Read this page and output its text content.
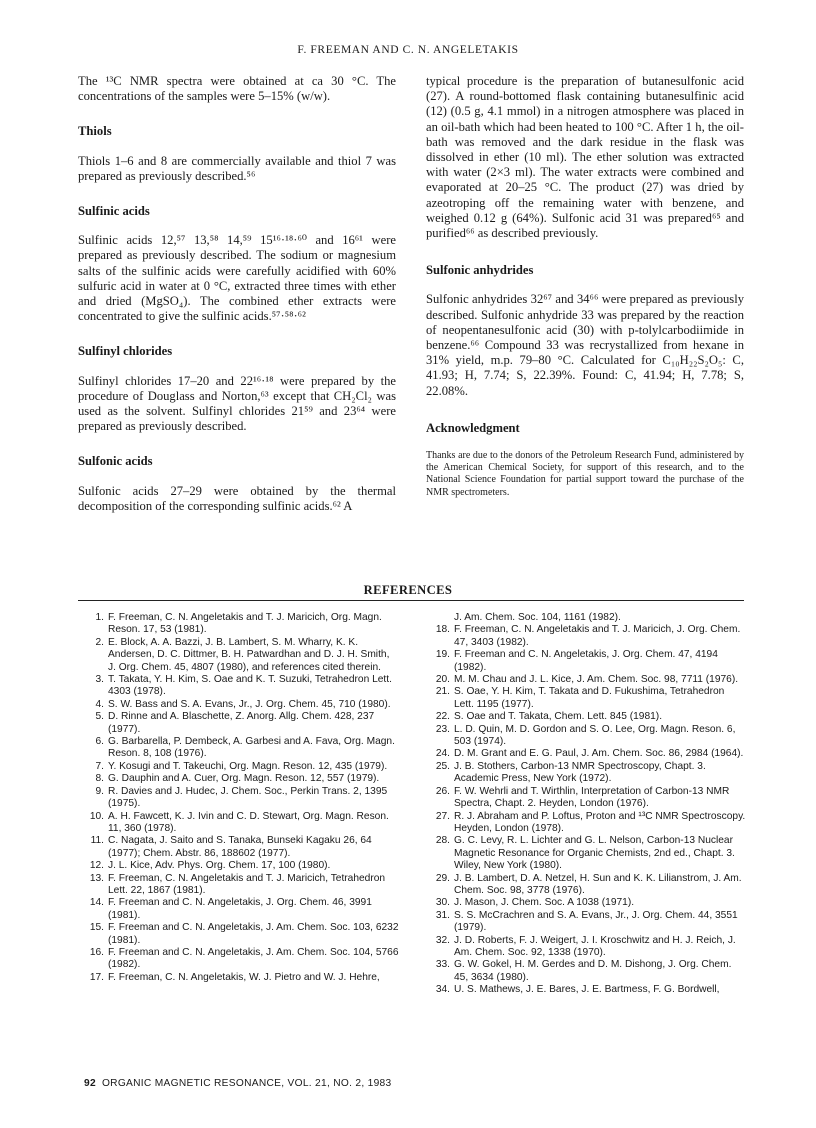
F. FREEMAN AND C. N. ANGELETAKIS

The ¹³C NMR spectra were obtained at ca 30 °C. The concentrations of the samples were 5–15% (w/w).

Thiols

Thiols 1–6 and 8 are commercially available and thiol 7 was prepared as previously described.⁵⁶

Sulfinic acids

Sulfinic acids 12,⁵⁷ 13,⁵⁸ 14,⁵⁹ 15¹⁶·¹⁸·⁶⁰ and 16⁶¹ were prepared as previously described. The sodium or magnesium salts of the sulfinic acids were carefully acidified with 60% sulfuric acid in water at 0 °C, extracted three times with ether and dried (MgSO₄). The combined ether extracts were concentrated to give the sulfinic acids.⁵⁷·⁵⁸·⁶²

Sulfinyl chlorides

Sulfinyl chlorides 17–20 and 22¹⁶·¹⁸ were prepared by the procedure of Douglass and Norton,⁶³ except that CH₂Cl₂ was used as the solvent. Sulfinyl chlorides 21⁵⁹ and 23⁶⁴ were prepared as previously described.

Sulfonic acids

Sulfonic acids 27–29 were obtained by the thermal decomposition of the corresponding sulfinic acids.⁶² A

typical procedure is the preparation of butanesulfonic acid (27). A round-bottomed flask containing butanesulfinic acid (12) (0.5 g, 4.1 mmol) in a nitrogen atmosphere was placed in an oil-bath which had been heated to 100 °C. After 1 h, the oil-bath was removed and the dark residue in the flask was dissolved in ether (10 ml). The ether solution was extracted with water (2×3 ml). The water extracts were combined and evaporated at 20–25 °C. The product (27) was dried by azeotroping off the remaining water with benzene, and weighed 0.12 g (64%). Sulfonic acid 31 was prepared⁶⁵ and purified⁶⁶ as described previously.

Sulfonic anhydrides

Sulfonic anhydrides 32⁶⁷ and 34⁶⁶ were prepared as previously described. Sulfonic anhydride 33 was prepared by the reaction of neopentanesulfonic acid (30) with p-tolylcarbodiimide in benzene.⁶⁶ Compound 33 was recrystallized from hexane in 31% yield, m.p. 79–80 °C. Calculated for C₁₀H₂₂S₂O₅: C, 41.93; H, 7.74; S, 22.39%. Found: C, 41.94; H, 7.78; S, 22.08%.

Acknowledgment

Thanks are due to the donors of the Petroleum Research Fund, administered by the American Chemical Society, for support of this research, and to the National Science Foundation for partial support toward the purchase of the NMR spectrometers.

REFERENCES
1. F. Freeman, C. N. Angeletakis and T. J. Maricich, Org. Magn. Reson. 17, 53 (1981).
2. E. Block, A. A. Bazzi, J. B. Lambert, S. M. Wharry, K. K. Andersen, D. C. Dittmer, B. H. Patwardhan and D. J. H. Smith, J. Org. Chem. 45, 4807 (1980), and references cited therein.
3. T. Takata, Y. H. Kim, S. Oae and K. T. Suzuki, Tetrahedron Lett. 4303 (1978).
4. S. W. Bass and S. A. Evans, Jr., J. Org. Chem. 45, 710 (1980).
5. D. Rinne and A. Blaschette, Z. Anorg. Allg. Chem. 428, 237 (1977).
6. G. Barbarella, P. Dembeck, A. Garbesi and A. Fava, Org. Magn. Reson. 8, 108 (1976).
7. Y. Kosugi and T. Takeuchi, Org. Magn. Reson. 12, 435 (1979).
8. G. Dauphin and A. Cuer, Org. Magn. Reson. 12, 557 (1979).
9. R. Davies and J. Hudec, J. Chem. Soc., Perkin Trans. 2, 1395 (1975).
10. A. H. Fawcett, K. J. Ivin and C. D. Stewart, Org. Magn. Reson. 11, 360 (1978).
11. C. Nagata, J. Saito and S. Tanaka, Bunseki Kagaku 26, 64 (1977); Chem. Abstr. 86, 188602 (1977).
12. J. L. Kice, Adv. Phys. Org. Chem. 17, 100 (1980).
13. F. Freeman, C. N. Angeletakis and T. J. Maricich, Tetrahedron Lett. 22, 1867 (1981).
14. F. Freeman and C. N. Angeletakis, J. Org. Chem. 46, 3991 (1981).
15. F. Freeman and C. N. Angeletakis, J. Am. Chem. Soc. 103, 6232 (1981).
16. F. Freeman and C. N. Angeletakis, J. Am. Chem. Soc. 104, 5766 (1982).
17. F. Freeman, C. N. Angeletakis, W. J. Pietro and W. J. Hehre,
J. Am. Chem. Soc. 104, 1161 (1982).
18. F. Freeman, C. N. Angeletakis and T. J. Maricich, J. Org. Chem. 47, 3403 (1982).
19. F. Freeman and C. N. Angeletakis, J. Org. Chem. 47, 4194 (1982).
20. M. M. Chau and J. L. Kice, J. Am. Chem. Soc. 98, 7711 (1976).
21. S. Oae, Y. H. Kim, T. Takata and D. Fukushima, Tetrahedron Lett. 1195 (1977).
22. S. Oae and T. Takata, Chem. Lett. 845 (1981).
23. L. D. Quin, M. D. Gordon and S. O. Lee, Org. Magn. Reson. 6, 503 (1974).
24. D. M. Grant and E. G. Paul, J. Am. Chem. Soc. 86, 2984 (1964).
25. J. B. Stothers, Carbon-13 NMR Spectroscopy, Chapt. 3. Academic Press, New York (1972).
26. F. W. Wehrli and T. Wirthlin, Interpretation of Carbon-13 NMR Spectra, Chapt. 2. Heyden, London (1976).
27. R. J. Abraham and P. Loftus, Proton and ¹³C NMR Spectroscopy. Heyden, London (1978).
28. G. C. Levy, R. L. Lichter and G. L. Nelson, Carbon-13 Nuclear Magnetic Resonance for Organic Chemists, 2nd ed., Chapt. 3. Wiley, New York (1980).
29. J. B. Lambert, D. A. Netzel, H. Sun and K. K. Lilianstrom, J. Am. Chem. Soc. 98, 3778 (1976).
30. J. Mason, J. Chem. Soc. A 1038 (1971).
31. S. S. McCrachren and S. A. Evans, Jr., J. Org. Chem. 44, 3551 (1979).
32. J. D. Roberts, F. J. Weigert, J. I. Kroschwitz and H. J. Reich, J. Am. Chem. Soc. 92, 1338 (1970).
33. G. W. Gokel, H. M. Gerdes and D. M. Dishong, J. Org. Chem. 45, 3634 (1980).
34. U. S. Mathews, J. E. Bares, J. E. Bartmess, F. G. Bordwell,
92 ORGANIC MAGNETIC RESONANCE, VOL. 21, NO. 2, 1983
